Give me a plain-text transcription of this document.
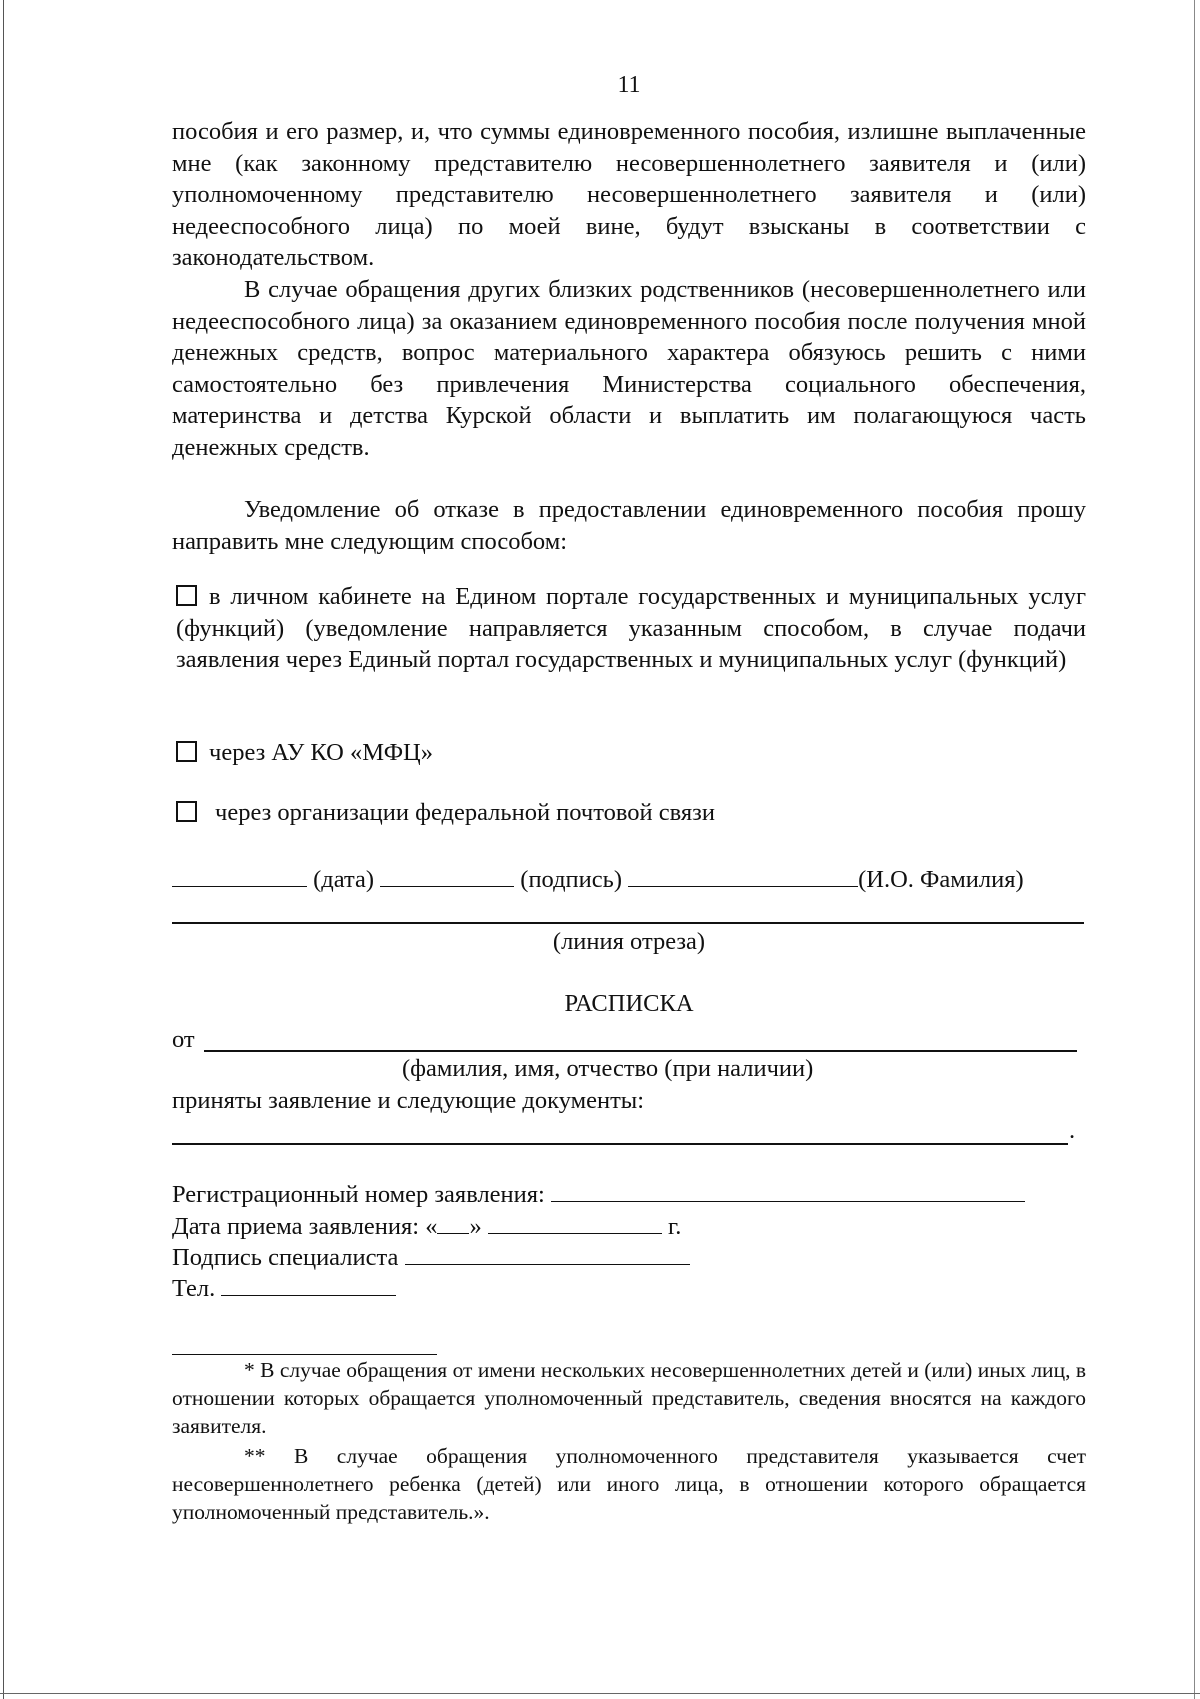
11
пособия и его размер, и, что суммы единовременного пособия, излишне выплаченные мне (как законному представителю несовершеннолетнего заявителя и (или) уполномоченному представителю несовершеннолетнего заявителя и (или) недееспособного лица) по моей вине, будут взысканы в соответствии с законодательством.
В случае обращения других близких родственников (несовершеннолетнего или недееспособного лица) за оказанием единовременного пособия после получения мной денежных средств, вопрос материального характера обязуюсь решить с ними самостоятельно без привлечения Министерства социального обеспечения, материнства и детства Курской области и выплатить им полагающуюся часть денежных средств.
Уведомление об отказе в предоставлении единовременного пособия прошу направить мне следующим способом:
в личном кабинете на Едином портале государственных и муниципальных услуг (функций) (уведомление направляется указанным способом, в случае подачи заявления через Единый портал государственных и муниципальных услуг (функций)
через АУ КО «МФЦ»
через организации федеральной почтовой связи
(дата)	(подпись)	(И.О. Фамилия)
(линия отреза)
РАСПИСКА
от
(фамилия, имя, отчество (при наличии)
приняты заявление и следующие документы:
.
Регистрационный номер заявления:
Дата приема заявления: « »	г.
Подпись специалиста
Тел.
* В случае обращения от имени нескольких несовершеннолетних детей и (или) иных лиц, в отношении которых обращается уполномоченный представитель, сведения вносятся на каждого заявителя.
** В случае обращения уполномоченного представителя указывается счет несовершеннолетнего ребенка (детей) или иного лица, в отношении которого обращается уполномоченный представитель.».
